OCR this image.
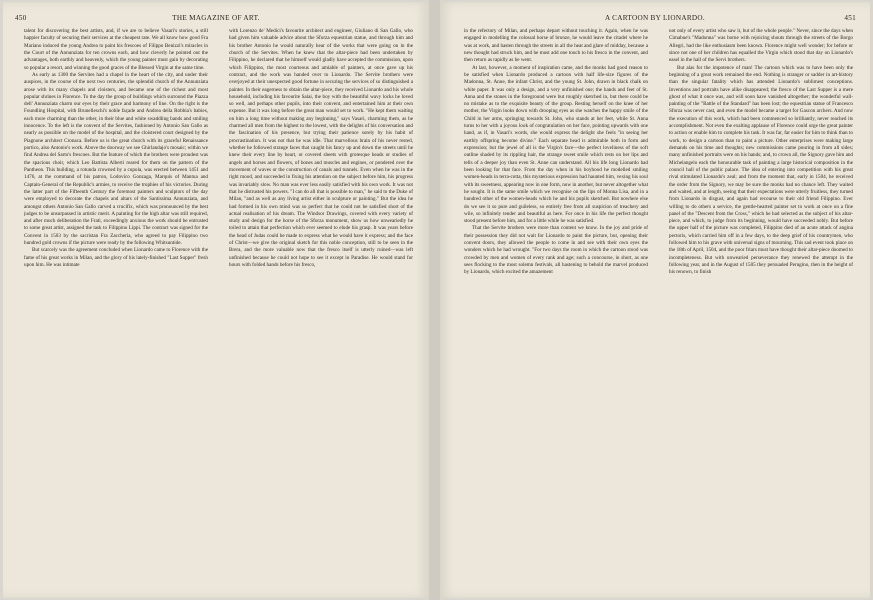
450	THE MAGAZINE OF ART.

talent for discovering the best artists, and, if we are to believe Vasari's stories, a still happier faculty of securing their services at the cheapest rate. We all know how good Fra Mariano induced the young Andrea to paint his frescoes of Filippo Benizzi's miracles in the Court of the Annunziata for ten crowns each, and how cleverly he pointed out the advantages, both earthly and heavenly, which the young painter must gain by decorating so popular a resort, and winning the good graces of the Blessed Virgin at the same time.

As early as 1300 the Servites had a chapel in the heart of the city, and under their auspices, in the course of the next two centuries, the splendid church of the Annunziata arose with its many chapels and cloisters, and became one of the richest and most popular shrines in Florence. To the day the group of buildings which surround the Piazza dell' Annunziata charm our eyes by their grace and harmony of line. On the right is the Foundling Hospital, with Brunelleschi's noble façade and Andrea della Robbia's babies, each more charming than the other, in their blue and white swaddling bands and smiling innocence. To the left is the convent of the Servites, fashioned by Antonio San Gallo as nearly as possible on the model of the hospital, and the cloistered court designed by the Piagnone architect Cronaca. Before us is the great church with its graceful Renaissance portico, also Antonio's work. Above the doorway we see Ghirlandajo's mosaic; within we find Andrea del Sarto's frescoes. But the feature of which the brothers were proudest was the spacious choir, which Leo Battista Alberti reared for them on the pattern of the Pantheon. This building, a rotunda crowned by a cupola, was erected between 1451 and 1476, at the command of his patron, Lodovico Gonzaga, Marquis of Mantua and Captain-General of the Republic's armies, to receive the trophies of his victories. During the latter part of the Fifteenth Century the foremost painters and sculptors of the day were employed to decorate the chapels and altars of the Santissima Annunziata, and amongst others Antonio San Gallo carved a crucifix, which was pronounced by the best judges to be unsurpassed in artistic merit. A painting for the high altar was still required, and after much deliberation the Frati, exceedingly anxious the work should be entrusted to some great artist, assigned the task to Filippino Lippi. The contract was signed for the Convent in 1503 by the sacristan Fra Zaccheria, who agreed to pay Filippino two hundred gold crowns if the picture were ready by the following Whitsuntide.

But scarcely was the agreement concluded when Lionardo came to Florence with the fame of his great works in Milan, and the glory of his lately-finished "Last Supper" fresh upon him. He was intimate

with Lorenzo de' Medici's favourite architect and engineer, Giuliano di San Gallo, who had given him valuable advice about the Sforza equestrian statue, and through him and his brother Antonio he would naturally hear of the works that were going on in the church of the Servites. When he knew that the altar-piece had been undertaken by Filippino, he declared that he himself would gladly have accepted the commission, upon which Filippino, the most courteous and amiable of painters, at once gave up his contract, and the work was handed over to Lionardo. The Servite brothers were overjoyed at their unexpected good fortune in securing the services of so distinguished a painter. In their eagerness to obtain the altar-piece, they received Lionardo and his whole household, including his favourite Salai, the boy with the beautiful wavy locks he loved so well, and perhaps other pupils, into their convent, and entertained him at their own expense. But it was long before the great man would set to work. "He kept them waiting on him a long time without making any beginning," says Vasari, charming them, as he charmed all men from the highest to the lowest, with the delights of his conversation and the fascination of his presence, but trying their patience sorely by his habit of procrastination. It was not that he was idle. That marvellous brain of his never rested, whether he followed strange faces that caught his fancy up and down the streets until he knew their every line by heart, or covered sheets with grotesque heads or studies of angels and horses and flowers, of bones and muscles and engines, or pondered over the movement of waves or the construction of canals and tunnels. Even when he was in the right mood, and succeeded in fixing his attention on the subject before him, his progress was invariably slow. No man was ever less easily satisfied with his own work. It was not that he distrusted his powers. "I can do all that is possible to man," he said to the Duke of Milan, "and as well as any living artist either in sculpture or painting." But the idea he had formed in his own mind was so perfect that he could not be satisfied short of the actual realisation of his dream. The Windsor Drawings, covered with every variety of study and design for the horse of the Sforza monument, show us how unweariedly he toiled to attain that perfection which ever seemed to elude his grasp. It was years before the head of Judas could be made to express what he would have it express; and the face of Christ—we give the original sketch for this noble conception, still to be seen in the Brera, and the more valuable now that the fresco itself is utterly ruined—was left unfinished because he could not hope to see it except in Paradise. He would stand for hours with folded hands before his fresco,

A CARTOON BY LIONARDO.	451

in the refectory of Milan, and perhaps depart without touching it. Again, when he was engaged in modelling the colossal horse of bronze, he would leave the citadel where he was at work, and hasten through the streets in all the heat and glare of midday, because a new thought had struck him, and he must add one touch to his fresco in the convent, and then return as rapidly as he went.

At last, however, a moment of inspiration came, and the monks had good reason to be satisfied when Lionardo produced a cartoon with half life-size figures of the Madonna, St. Anne, the infant Christ, and the young St. John, drawn in black chalk on white paper. It was only a design, and a very unfinished one; the hands and feet of St. Anna and the stones in the foreground were but roughly sketched in, but there could be no mistake as to the exquisite beauty of the group. Resting herself on the knee of her mother, the Virgin looks down with drooping eyes as she watches the happy smile of the Child in her arms, springing towards St. John, who stands at her feet, while St. Anna turns to her with a joyous look of congratulation on her face, pointing upwards with one hand, as if, in Vasari's words, she would express the delight she feels "in seeing her earthly offspring become divine." Each separate head is admirable both in form and expression; but the jewel of all is the Virgin's face—the perfect loveliness of the soft outline shaded by its rippling hair, the strange sweet smile which rests on her lips and tells of a deeper joy than even St. Anne can understand. All his life long Lionardo had been looking for that face. From the day when in his boyhood he modelled smiling women-heads in terra-cotta, this mysterious expression had haunted him, vexing his soul with its sweetness, appearing now in one form, now in another, but never altogether what he sought. It is the same smile which we recognise on the lips of Monna Lisa, and in a hundred other of the women-heads which he and his pupils sketched. But nowhere else do we see it so pure and guileless, so entirely free from all suspicion of treachery and wile, so infinitely tender and beautiful as here. For once in his life the perfect thought stood present before him, and for a little while he was satisfied.

That the Servite brothers were more than content we know. In the joy and pride of their possession they did not wait for Lionardo to paint the picture, but, opening their convent doors, they allowed the people to come in and see with their own eyes the wonders which he had wrought. "For two days the room in which the cartoon stood was crowded by men and women of every rank and age; such a concourse, in short, as one sees flocking to the most solemn festivals, all hastening to behold the marvel produced by Lionardo, which excited the amazement

not only of every artist who saw it, but of the whole people." Never, since the days when Cimabue's "Madonna" was borne with rejoicing shouts through the streets of the Borgo Allegri, had the like enthusiasm been known. Florence might well wonder; for before or since not one of her children has equalled the Virgin which stood that day on Lionardo's easel in the hall of the Servi brothers.

But alas for the impotence of man! The cartoon which was to have been only the beginning of a great work remained the end. Nothing is stranger or sadder in art-history than the singular fatality which has attended Lionardo's sublimest conceptions. Inventions and portraits have alike disappeared; the fresco of the Last Supper is a mere ghost of what it once was, and will soon have vanished altogether; the wonderful wall-painting of the "Battle of the Standard" has been lost; the equestrian statue of Francesco Sforza was never cast, and even the model became a target for Gascon archers. And now the execution of this work, which had been commenced so brilliantly, never reached its accomplishment. Not even the exalting applause of Florence could urge the great painter to action or enable him to complete his task. It was far, far easier for him to think than to work, to design a cartoon than to paint a picture. Other enterprises were making large demands on his time and thoughts; new commissions came pouring in from all sides; many unfinished portraits were on his hands; and, to crown all, the Signory gave him and Michelangelo each the honourable task of painting a large historical composition in the council hall of the public palace. The idea of entering into competition with his great rival stimulated Lionardo's zeal; and from the moment that, early in 1504, he received the order from the Signory, we may be sure the monks had no chance left. They waited and waited, and at length, seeing that their expectations were utterly fruitless, they turned from Lionardo in disgust, and again had recourse to their old friend Filippino. Ever willing to do others a service, the gentle-hearted painter set to work at once on a fine panel of the "Descent from the Cross," which he had selected as the subject of his altar-piece, and which, to judge from its beginning, would have succeeded nobly. But before the upper half of the picture was completed, Filippino died of an acute attack of angina pectoris, which carried him off in a few days, to the deep grief of his countrymen, who followed him to his grave with universal signs of mourning. This sad event took place on the 18th of April, 1504, and the poor friars must have thought their altar-piece doomed to incompleteness. But with unwearied perseverance they renewed the attempt in the following year, and in the August of 1505 they persuaded Perugino, then in the height of his renown, to finish
